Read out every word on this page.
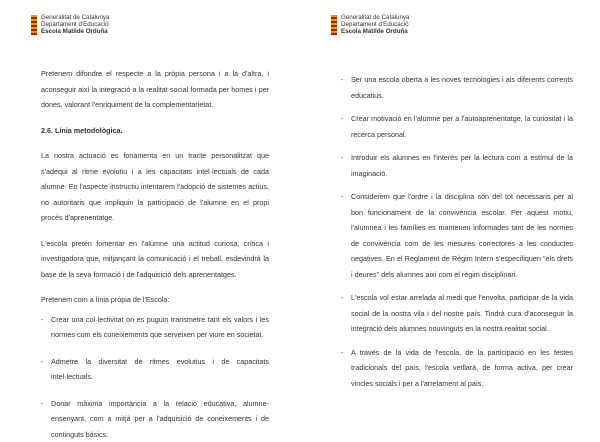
Generalitat de Catalunya
Departament d'Educació
Escola Matilde Orduña

Pretenem difondre el respecte a la pròpia persona i a la d'altra, i aconseguir així la integració a la realitat social formada per homes i per dones, valorant l'enriquiment de la complementarietat.

2.6. Línia metodològica.

La nostra actuació es fonamenta en un tracte personalitzat que s'adequi al ritme evolutiu i a les capacitats intel·lectuals de cada alumne. En l'aspecte instructiu intentarem l'adopció de sistemes actius, no autoritaris que impliquin la participació de l'alumne en el propi procés d'aprenentatge.

L'escola pretén fomentar en l'alumne una actitud curiosa, crítica i investigadora que, mitjançant la comunicació i el treball, esdevindrà la base de la seva formació i de l'adquisició dels aprenentatges.

Pretenem com a línia pròpia de l'Escola:

- Crear una col·lectivitat on es puguin transmetre tant els valors i les normes com els coneixements que serveixen per viure en societat.
- Admetre la diversitat de ritmes evolutius i de capacitats intel·lectuals.
- Donar màxima importància a la relació educativa, alumne-ensenyant, com a mitjà per a l'adquisició de coneixements i de continguts bàsics.
Generalitat de Catalunya
Departament d'Educació
Escola Matilde Orduña
- Ser una escola oberta a les noves tecnologies i als diferents corrents educatius.
- Crear motivació en l'alumne per a l'autoaprenentatge, la curiositat i la recerca personal.
- Introduir els alumnes en l'interès per la lectura com a estímul de la imaginació.
- Considerem que l'ordre i la disciplina són del tot necessaris per al bon funcionament de la convivència escolar. Per aquest motiu, l'alumnea i les famílies es mantenen informades tant de les normes de convivència com de les mesures correctores a les conductes negatives. En el Reglament de Règim Intern s'especifiquen "els drets i deures" dels alumnes així com el règim disciplinari.
- L'escola vol estar arrelada al medi que l'envolta, participar de la vida social de la nostra vila i del nostre país. Tindrà cura d'aconseguir la integració dels alumnes nouvinguts en la nostra realitat social.
- A través de la vida de l'escola, de la participació en les festes tradicionals del país, l'escola vetllarà, de forma activa, per crear vincles socials i per a l'arrelament al país.
